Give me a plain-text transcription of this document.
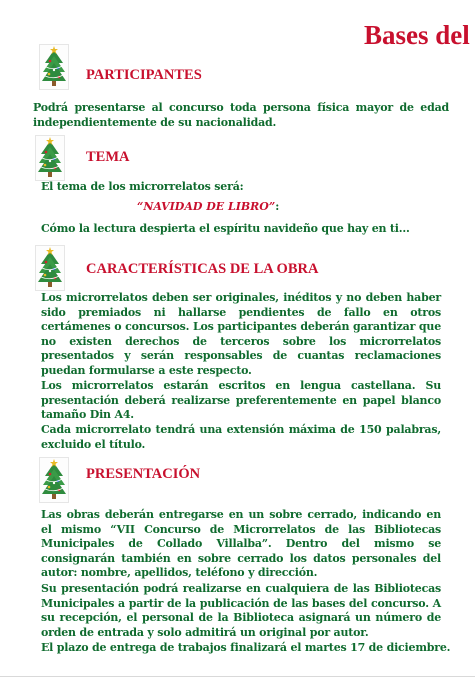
Bases del
PARTICIPANTES

Podrá presentarse al concurso toda persona física mayor de edad independientemente de su nacionalidad.

TEMA

El tema de los microrrelatos será:

“NAVIDAD DE LIBRO”:

Cómo la lectura despierta el espíritu navideño que hay en ti...

CARACTERÍSTICAS DE LA OBRA

Los microrrelatos deben ser originales, inéditos y no deben haber sido premiados ni hallarse pendientes de fallo en otros certámenes o concursos. Los participantes deberán garantizar que no existen derechos de terceros sobre los microrrelatos presentados y serán responsables de cuantas reclamaciones puedan formularse a este respecto.

Los microrrelatos estarán escritos en lengua castellana. Su presentación deberá realizarse preferentemente en papel blanco tamaño Din A4.

Cada microrrelato tendrá una extensión máxima de 150 palabras, excluido el título.

PRESENTACIÓN

Las obras deberán entregarse en un sobre cerrado, indicando en el mismo “VII Concurso de Microrrelatos de las Bibliotecas Municipales de Collado Villalba”. Dentro del mismo se consignarán también en sobre cerrado los datos personales del autor: nombre, apellidos, teléfono y dirección.

Su presentación podrá realizarse en cualquiera de las Bibliotecas Municipales a partir de la publicación de las bases del concurso. A su recepción, el personal de la Biblioteca asignará un número de orden de entrada y solo admitirá un original por autor.

El plazo de entrega de trabajos finalizará el martes 17 de diciembre.
